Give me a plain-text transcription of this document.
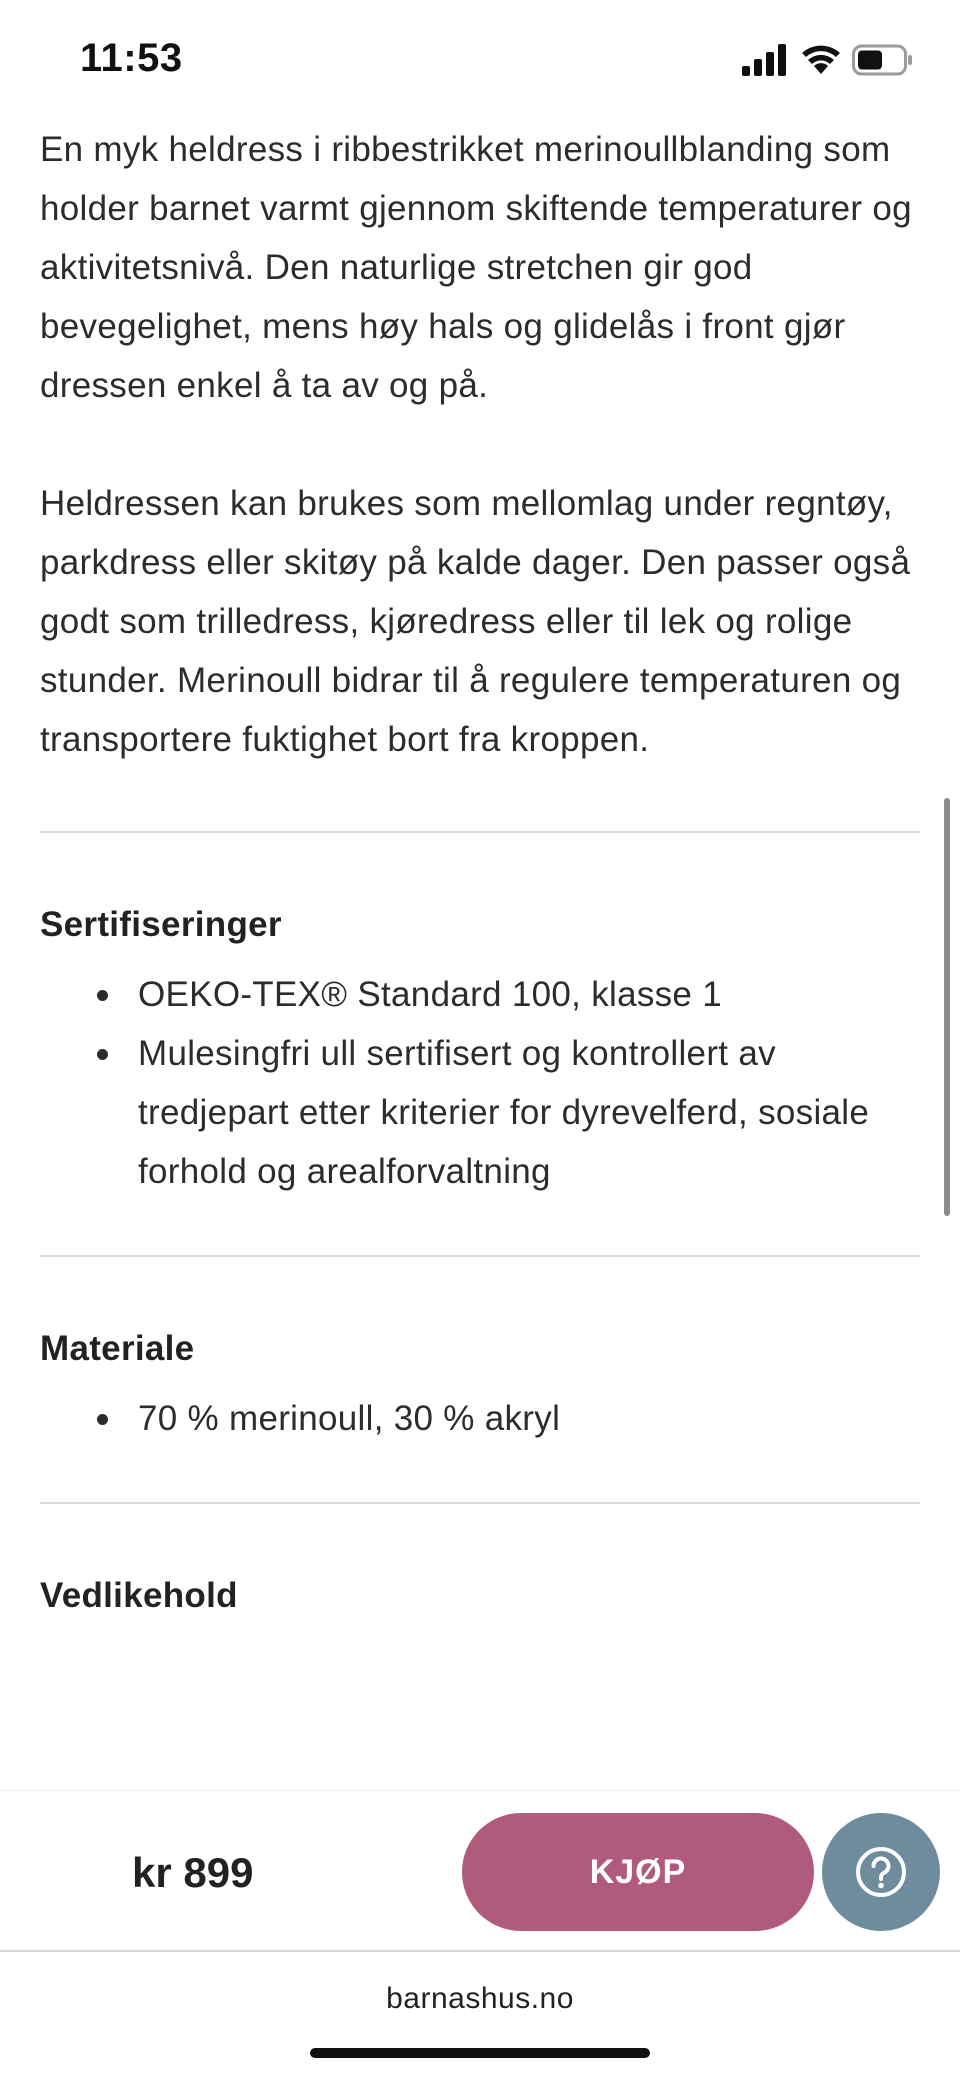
11:53

En myk heldress i ribbestrikket merinoullblanding som holder barnet varmt gjennom skiftende temperaturer og aktivitetsnivå. Den naturlige stretchen gir god bevegelighet, mens høy hals og glidelås i front gjør dressen enkel å ta av og på.

Heldressen kan brukes som mellomlag under regntøy, parkdress eller skitøy på kalde dager. Den passer også godt som trilledress, kjøredress eller til lek og rolige stunder. Merinoull bidrar til å regulere temperaturen og transportere fuktighet bort fra kroppen.

Sertifiseringer
OEKO-TEX® Standard 100, klasse 1
Mulesingfri ull sertifisert og kontrollert av tredjepart etter kriterier for dyrevelferd, sosiale forhold og arealforvaltning
Materiale
70 % merinoull, 30 % akryl
Vedlikehold
kr 899	KJØP
barnashus.no
